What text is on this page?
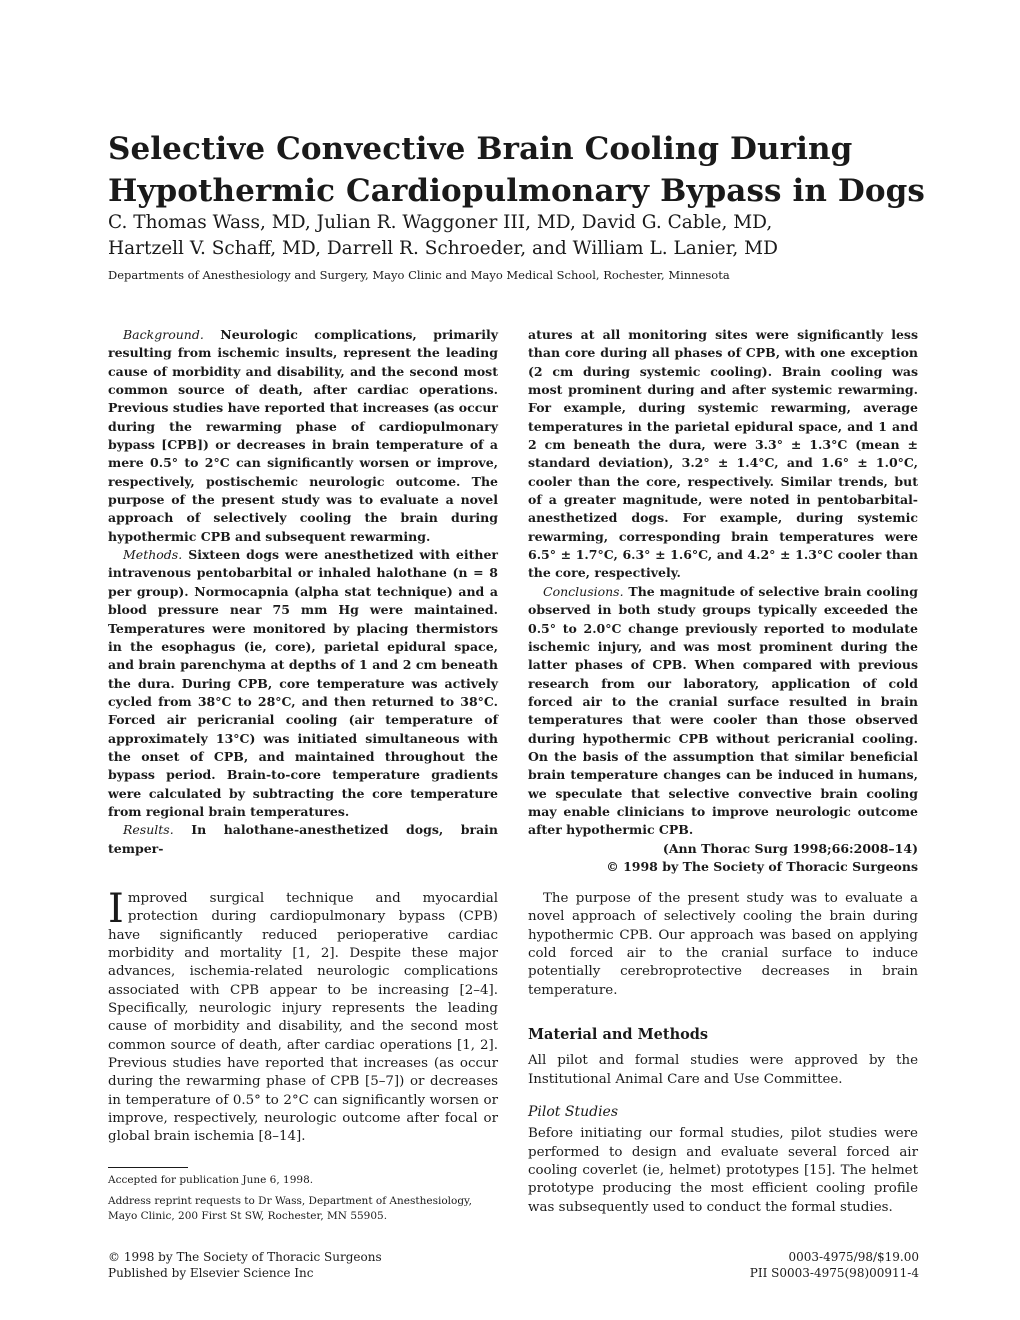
Selective Convective Brain Cooling During
Hypothermic Cardiopulmonary Bypass in Dogs
C. Thomas Wass, MD, Julian R. Waggoner III, MD, David G. Cable, MD,
Hartzell V. Schaff, MD, Darrell R. Schroeder, and William L. Lanier, MD
Departments of Anesthesiology and Surgery, Mayo Clinic and Mayo Medical School, Rochester, Minnesota

Background. Neurologic complications, primarily resulting from ischemic insults, represent the leading cause of morbidity and disability, and the second most common source of death, after cardiac operations. Previous studies have reported that increases (as occur during the rewarming phase of cardiopulmonary bypass [CPB]) or decreases in brain temperature of a mere 0.5° to 2°C can significantly worsen or improve, respectively, postischemic neurologic outcome. The purpose of the present study was to evaluate a novel approach of selectively cooling the brain during hypothermic CPB and subsequent rewarming.

Methods. Sixteen dogs were anesthetized with either intravenous pentobarbital or inhaled halothane (n = 8 per group). Normocapnia (alpha stat technique) and a blood pressure near 75 mm Hg were maintained. Temperatures were monitored by placing thermistors in the esophagus (ie, core), parietal epidural space, and brain parenchyma at depths of 1 and 2 cm beneath the dura. During CPB, core temperature was actively cycled from 38°C to 28°C, and then returned to 38°C. Forced air pericranial cooling (air temperature of approximately 13°C) was initiated simultaneous with the onset of CPB, and maintained throughout the bypass period. Brain-to-core temperature gradients were calculated by subtracting the core temperature from regional brain temperatures.

Results. In halothane-anesthetized dogs, brain temper-

atures at all monitoring sites were significantly less than core during all phases of CPB, with one exception (2 cm during systemic cooling). Brain cooling was most prominent during and after systemic rewarming. For example, during systemic rewarming, average temperatures in the parietal epidural space, and 1 and 2 cm beneath the dura, were 3.3° ± 1.3°C (mean ± standard deviation), 3.2° ± 1.4°C, and 1.6° ± 1.0°C, cooler than the core, respectively. Similar trends, but of a greater magnitude, were noted in pentobarbital-anesthetized dogs. For example, during systemic rewarming, corresponding brain temperatures were 6.5° ± 1.7°C, 6.3° ± 1.6°C, and 4.2° ± 1.3°C cooler than the core, respectively.

Conclusions. The magnitude of selective brain cooling observed in both study groups typically exceeded the 0.5° to 2.0°C change previously reported to modulate ischemic injury, and was most prominent during the latter phases of CPB. When compared with previous research from our laboratory, application of cold forced air to the cranial surface resulted in brain temperatures that were cooler than those observed during hypothermic CPB without pericranial cooling. On the basis of the assumption that similar beneficial brain temperature changes can be induced in humans, we speculate that selective convective brain cooling may enable clinicians to improve neurologic outcome after hypothermic CPB.

(Ann Thorac Surg 1998;66:2008–14)

© 1998 by The Society of Thoracic Surgeons

Improved surgical technique and myocardial protection during cardiopulmonary bypass (CPB) have significantly reduced perioperative cardiac morbidity and mortality [1, 2]. Despite these major advances, ischemia-related neurologic complications associated with CPB appear to be increasing [2–4]. Specifically, neurologic injury represents the leading cause of morbidity and disability, and the second most common source of death, after cardiac operations [1, 2]. Previous studies have reported that increases (as occur during the rewarming phase of CPB [5–7]) or decreases in temperature of 0.5° to 2°C can significantly worsen or improve, respectively, neurologic outcome after focal or global brain ischemia [8–14].

Accepted for publication June 6, 1998.

Address reprint requests to Dr Wass, Department of Anesthesiology, Mayo Clinic, 200 First St SW, Rochester, MN 55905.

The purpose of the present study was to evaluate a novel approach of selectively cooling the brain during hypothermic CPB. Our approach was based on applying cold forced air to the cranial surface to induce potentially cerebroprotective decreases in brain temperature.

Material and Methods

All pilot and formal studies were approved by the Institutional Animal Care and Use Committee.

Pilot Studies

Before initiating our formal studies, pilot studies were performed to design and evaluate several forced air cooling coverlet (ie, helmet) prototypes [15]. The helmet prototype producing the most efficient cooling profile was subsequently used to conduct the formal studies.

© 1998 by The Society of Thoracic Surgeons
Published by Elsevier Science Inc
0003-4975/98/$19.00
PII S0003-4975(98)00911-4
